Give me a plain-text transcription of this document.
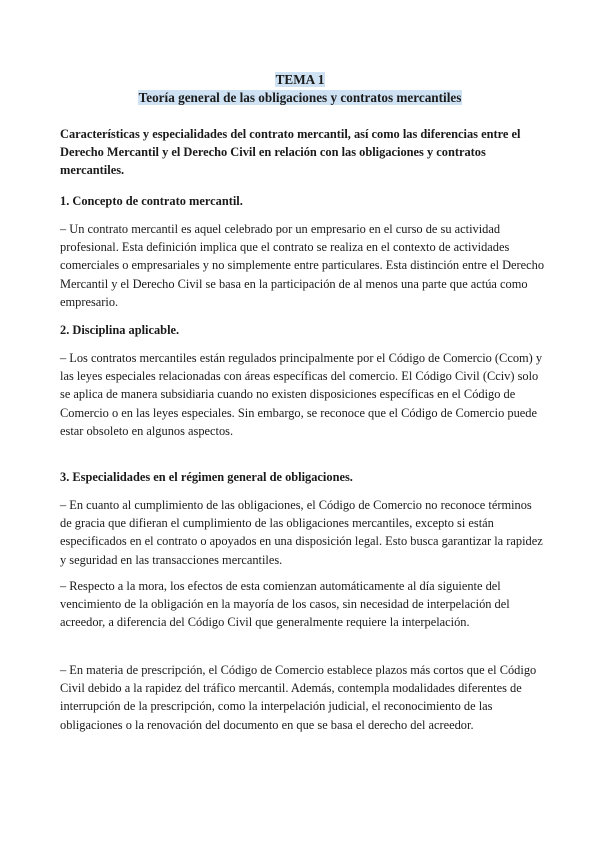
TEMA 1
Teoría general de las obligaciones y contratos mercantiles

Características y especialidades del contrato mercantil, así como las diferencias entre el Derecho Mercantil y el Derecho Civil en relación con las obligaciones y contratos mercantiles.

1. Concepto de contrato mercantil.

– Un contrato mercantil es aquel celebrado por un empresario en el curso de su actividad profesional. Esta definición implica que el contrato se realiza en el contexto de actividades comerciales o empresariales y no simplemente entre particulares. Esta distinción entre el Derecho Mercantil y el Derecho Civil se basa en la participación de al menos una parte que actúa como empresario.

2. Disciplina aplicable.

– Los contratos mercantiles están regulados principalmente por el Código de Comercio (Ccom) y las leyes especiales relacionadas con áreas específicas del comercio. El Código Civil (Cciv) solo se aplica de manera subsidiaria cuando no existen disposiciones específicas en el Código de Comercio o en las leyes especiales. Sin embargo, se reconoce que el Código de Comercio puede estar obsoleto en algunos aspectos.

3. Especialidades en el régimen general de obligaciones.

– En cuanto al cumplimiento de las obligaciones, el Código de Comercio no reconoce términos de gracia que difieran el cumplimiento de las obligaciones mercantiles, excepto si están especificados en el contrato o apoyados en una disposición legal. Esto busca garantizar la rapidez y seguridad en las transacciones mercantiles.

– Respecto a la mora, los efectos de esta comienzan automáticamente al día siguiente del vencimiento de la obligación en la mayoría de los casos, sin necesidad de interpelación del acreedor, a diferencia del Código Civil que generalmente requiere la interpelación.

– En materia de prescripción, el Código de Comercio establece plazos más cortos que el Código Civil debido a la rapidez del tráfico mercantil. Además, contempla modalidades diferentes de interrupción de la prescripción, como la interpelación judicial, el reconocimiento de las obligaciones o la renovación del documento en que se basa el derecho del acreedor.
